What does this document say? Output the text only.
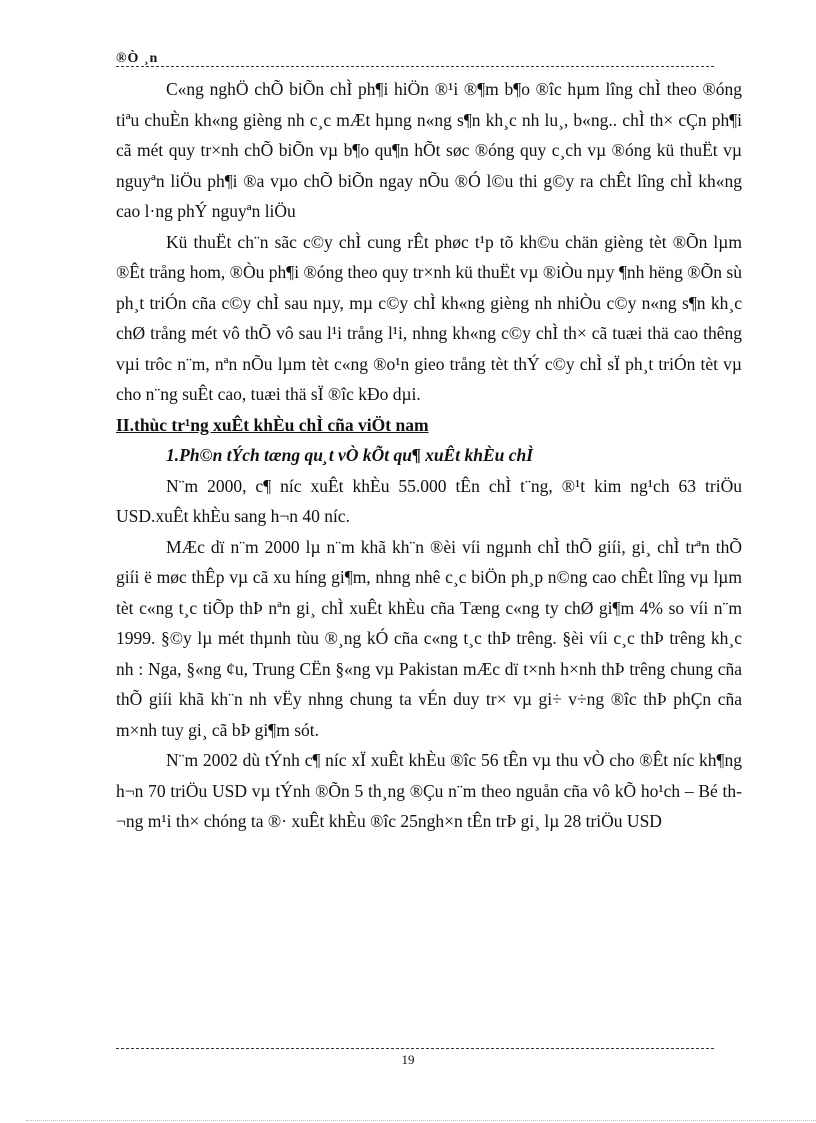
®Ò ¸n

C«ng nghÖ chÕ biÕn chÌ ph¶i hiÖn ®¹i ®¶m b¶o ®îc hµm lîng chÌ theo ®óng tiªu chuÈn kh«ng gièng nh c¸c mÆt hµng n«ng s¶n kh¸c nh lu¸, b«ng.. chÌ th× cÇn ph¶i cã mét quy tr×nh chÕ biÕn vµ b¶o qu¶n hÕt søc ®óng quy c¸ch vµ ®óng kü thuËt vµ nguyªn liÖu ph¶i ®a vµo chÕ biÕn ngay nÕu ®Ó l©u thi g©y ra chÊt lîng chÌ kh«ng cao l·ng phÝ nguyªn liÖu

Kü thuËt ch¨n sãc c©y chÌ cung rÊt phøc t¹p tõ kh©u chän gièng tèt ®Õn lµm ®Êt trång hom, ®Òu ph¶i ®óng theo quy tr×nh kü thuËt vµ ®iÒu nµy ¶nh hëng ®Õn sù ph¸t triÓn cña c©y chÌ sau nµy, mµ c©y chÌ kh«ng gièng nh nhiÒu c©y n«ng s¶n kh¸c chØ trång mét vô thÕ vô sau l¹i trång l¹i, nhng kh«ng c©y chÌ th× cã tuæi thä cao thêng vµi trôc n¨m, nªn nÕu lµm tèt c«ng ®o¹n gieo trång tèt thÝ c©y chÌ sÏ ph¸t triÓn tèt vµ cho n¨ng suÊt cao, tuæi thä sÏ ®îc kÐo dµi.

II.thùc tr¹ng xuÊt khÈu chÌ cña viÖt nam

1.Ph©n tÝch tæng qu¸t vÒ kÕt qu¶ xuÊt khÈu chÌ

N¨m 2000, c¶ níc xuÊt khÈu 55.000 tÊn chÌ t¨ng, ®¹t kim ng¹ch 63 triÖu USD.xuÊt khÈu sang h¬n 40 níc.

MÆc dï n¨m 2000 lµ n¨m khã kh¨n ®èi víi ngµnh chÌ thÕ giíi, gi¸ chÌ trªn thÕ giíi ë møc thÊp vµ cã xu híng gi¶m, nhng nhê c¸c biÖn ph¸p n©ng cao chÊt lîng vµ lµm tèt c«ng t¸c tiÕp thÞ nªn gi¸ chÌ xuÊt khÈu cña Tæng c«ng ty chØ gi¶m 4% so víi n¨m 1999. §©y lµ mét thµnh tùu ®¸ng kÓ cña c«ng t¸c thÞ trêng. §èi víi c¸c thÞ trêng kh¸c nh : Nga, §«ng ¢u, Trung CËn §«ng vµ Pakistan mÆc dï t×nh h×nh thÞ trêng chung cña thÕ giíi khã kh¨n nh vËy nhng chung ta vÉn duy tr× vµ gi÷ v÷ng ®îc thÞ phÇn cña m×nh tuy gi¸ cã bÞ gi¶m sót.

N¨m 2002 dù tÝnh c¶ níc xÏ xuÊt khÈu ®îc 56 tÊn vµ thu vÒ cho ®Êt níc kh¶ng h¬n 70 triÖu USD vµ tÝnh ®Õn 5 th¸ng ®Çu n¨m theo nguån cña vô kÕ ho¹ch – Bé th¬ng m¹i th× chóng ta ®· xuÊt khÈu ®îc 25ngh×n tÊn trÞ gi¸ lµ 28 triÖu USD

19
